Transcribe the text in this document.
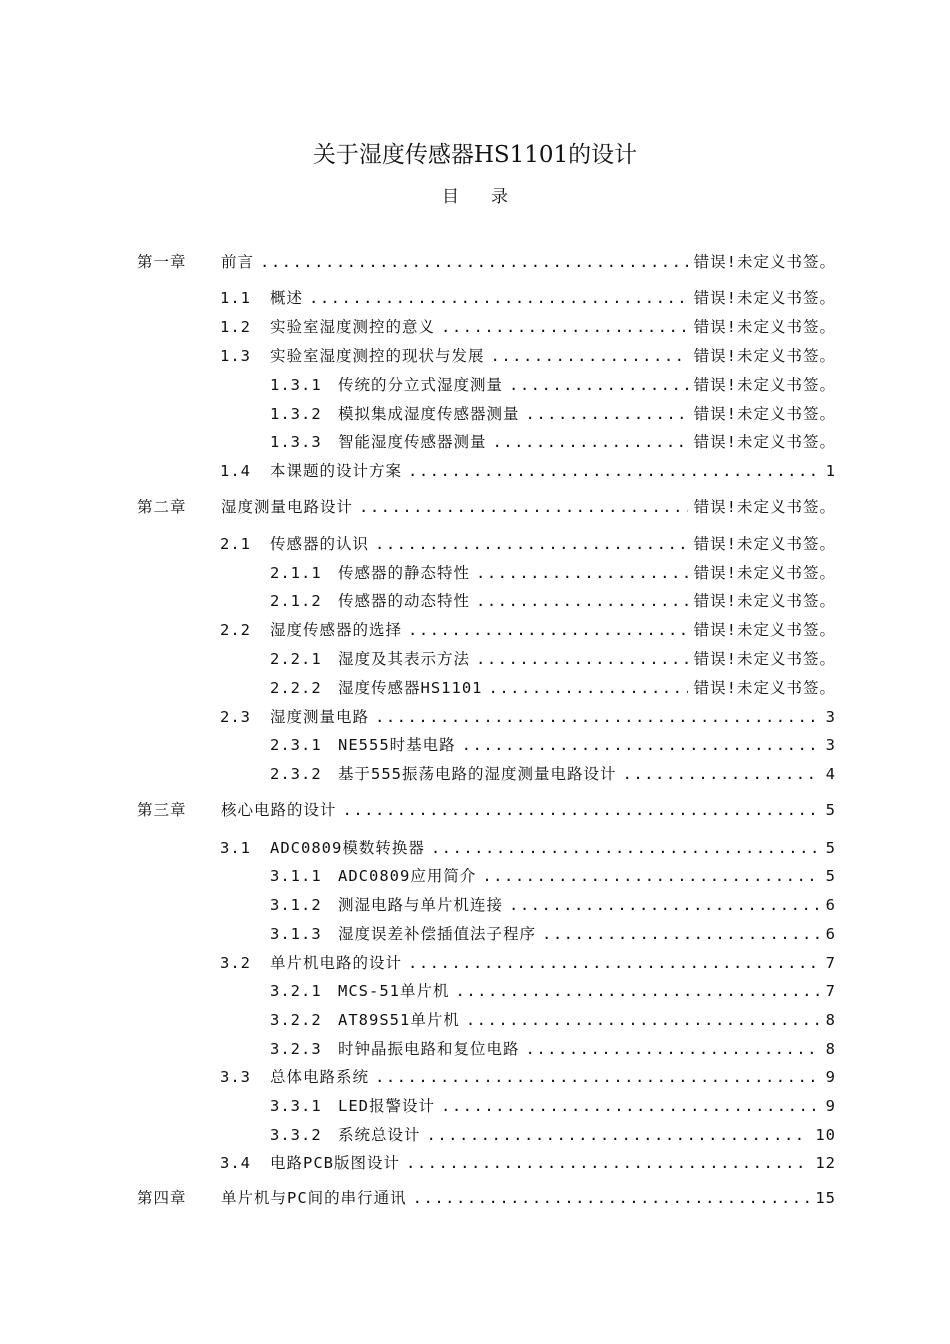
关于湿度传感器HS1101的设计
目录
第一章	前言 .....	错误!未定义书签。
1.1	概述 .....	错误!未定义书签。
1.2	实验室湿度测控的意义 .....	错误!未定义书签。
1.3	实验室湿度测控的现状与发展 .....	错误!未定义书签。
1.3.1	传统的分立式湿度测量 .....	错误!未定义书签。
1.3.2	模拟集成湿度传感器测量 .....	错误!未定义书签。
1.3.3	智能湿度传感器测量 .....	错误!未定义书签。
1.4	本课题的设计方案 .....	1
第二章	湿度测量电路设计 .....	错误!未定义书签。
2.1	传感器的认识 .....	错误!未定义书签。
2.1.1	传感器的静态特性 .....	错误!未定义书签。
2.1.2	传感器的动态特性 .....	错误!未定义书签。
2.2	湿度传感器的选择 .....	错误!未定义书签。
2.2.1	湿度及其表示方法 .....	错误!未定义书签。
2.2.2	湿度传感器HS1101 .....	错误!未定义书签。
2.3	湿度测量电路 .....	3
2.3.1	NE555时基电路 .....	3
2.3.2	基于555振荡电路的湿度测量电路设计 .....	4
第三章	核心电路的设计 .....	5
3.1	ADC0809模数转换器 .....	5
3.1.1	ADC0809应用简介 .....	5
3.1.2	测湿电路与单片机连接 .....	6
3.1.3	湿度误差补偿插值法子程序 .....	6
3.2	单片机电路的设计 .....	7
3.2.1	MCS-51单片机 .....	7
3.2.2	AT89S51单片机 .....	8
3.2.3	时钟晶振电路和复位电路 .....	8
3.3	总体电路系统 .....	9
3.3.1	LED报警设计 .....	9
3.3.2	系统总设计 .....	10
3.4	电路PCB版图设计 .....	12
第四章	单片机与PC间的串行通讯 .....	15
